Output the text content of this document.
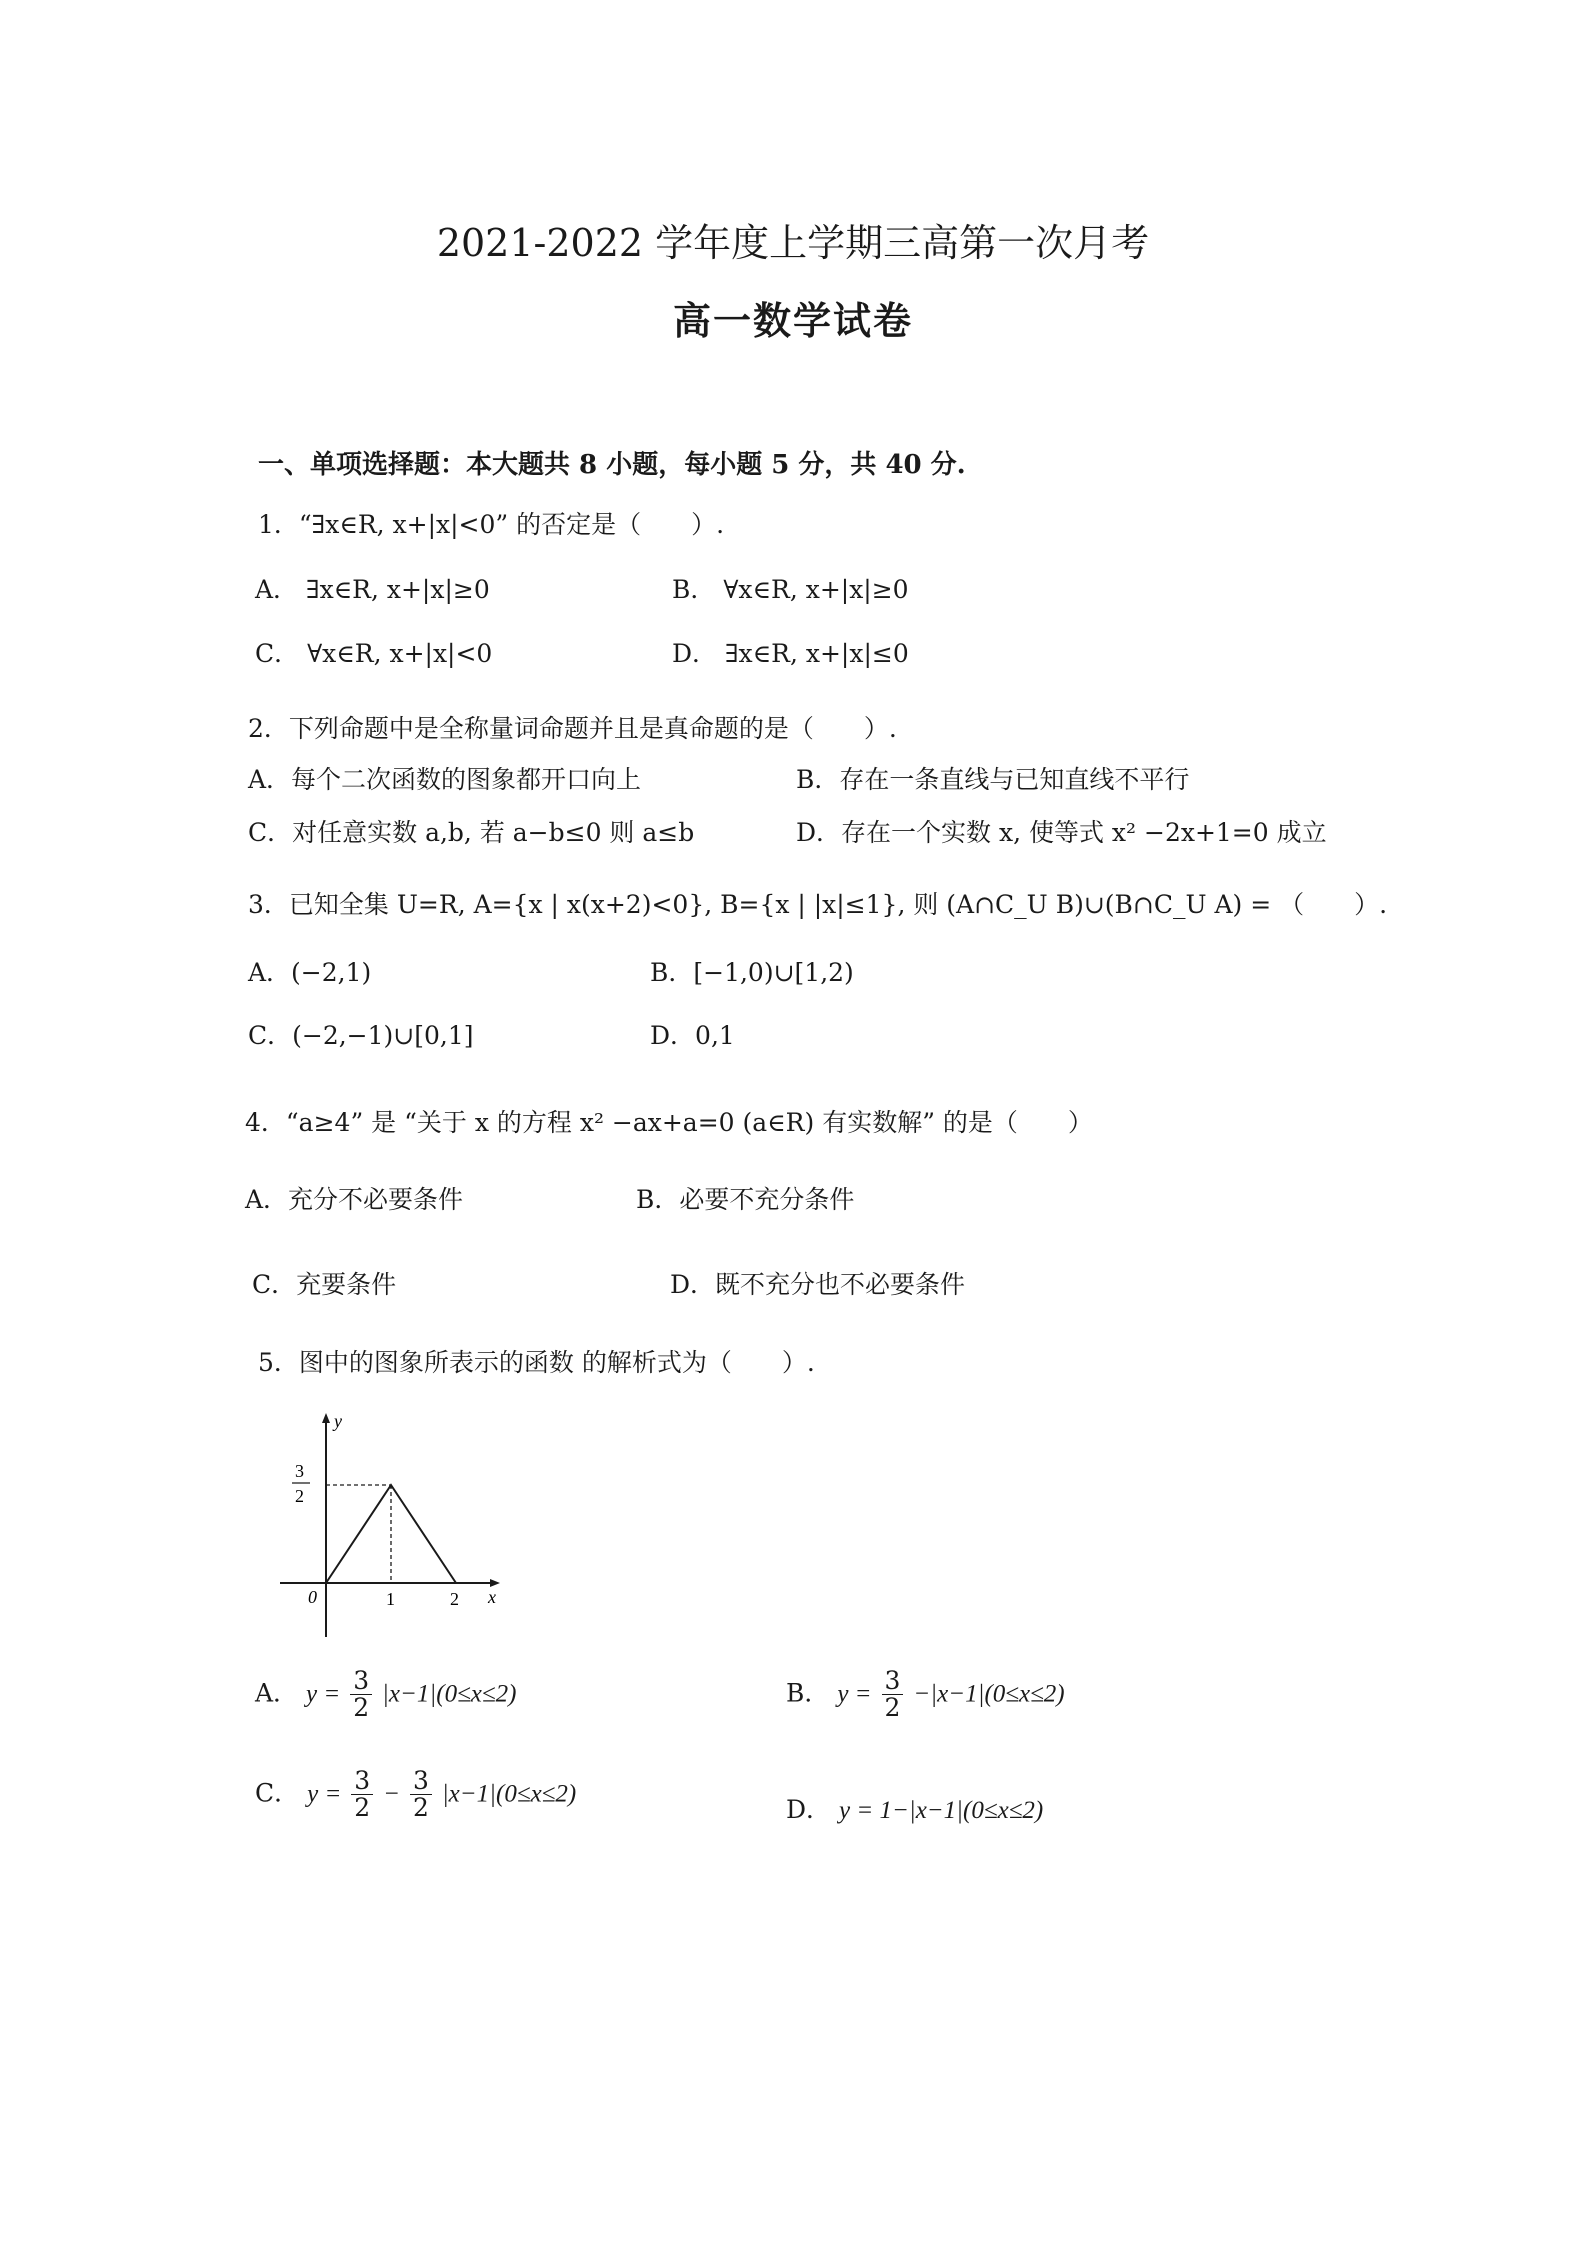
2021-2022 学年度上学期三高第一次月考
高一数学试卷
一、单项选择题：本大题共 8 小题，每小题 5 分，共 40 分.
1．“∃x∈R, x+|x|<0” 的否定是（　　）.
A． ∃x∈R, x+|x|≥0	B． ∀x∈R, x+|x|≥0
C． ∀x∈R, x+|x|<0	D． ∃x∈R, x+|x|≤0
2．下列命题中是全称量词命题并且是真命题的是（　　）.
A．每个二次函数的图象都开口向上	B．存在一条直线与已知直线不平行
C．对任意实数 a,b, 若 a−b≤0 则 a≤b	D．存在一个实数 x, 使等式 x² −2x+1=0 成立
3．已知全集 U=R, A={x | x(x+2)<0}, B={x | |x|≤1}, 则 (A∩C_U B)∪(B∩C_U A) = （　　）.
A．(−2,1)	B．[−1,0)∪[1,2)
C．(−2,−1)∪[0,1]	D．0,1
4．“a≥4” 是 “关于 x 的方程 x² −ax+a=0 (a∈R) 有实数解” 的是（　　）
A．充分不必要条件	B．必要不充分条件
C．充要条件	D．既不充分也不必要条件
5．图中的图象所表示的函数 的解析式为（　　）.
y
x
0	1	2
3
2
A． $y = \frac{3}{2} |x-1|(0\le x\le 2)$	B． $y = \frac{3}{2} -|x-1|(0\le x\le 2)$
C． $y = \frac{3}{2} - \frac{3}{2} |x-1|(0\le x\le 2)$
D． y = 1−|x−1|(0≤x≤2)
